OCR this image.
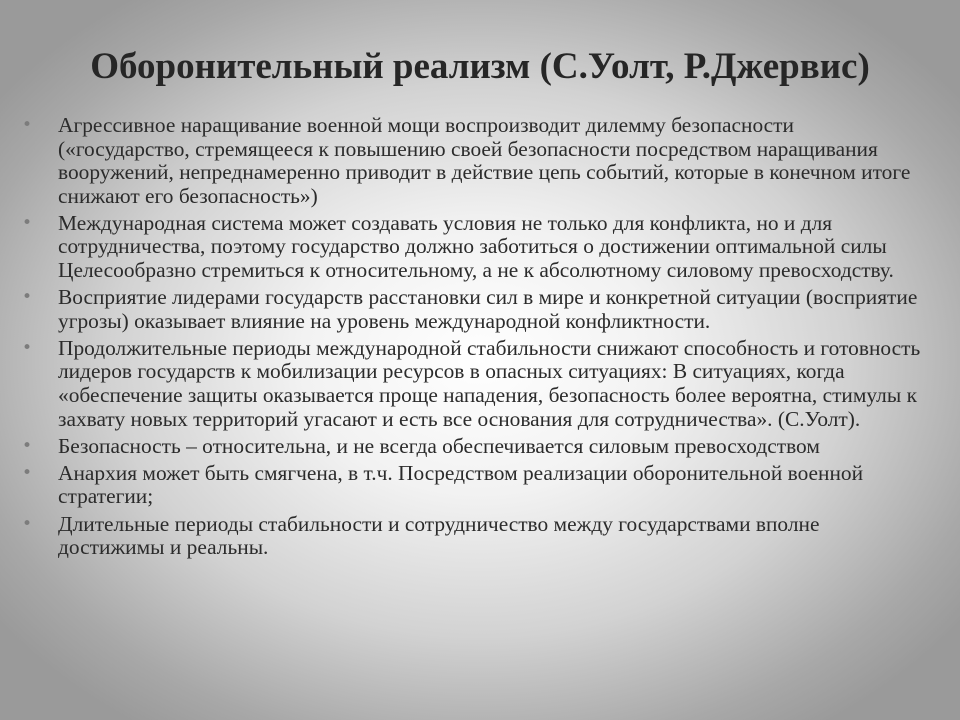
Оборонительный реализм (С.Уолт, Р.Джервис)
• Агрессивное наращивание военной мощи воспроизводит дилемму безопасности («государство, стремящееся к повышению своей безопасности посредством наращивания вооружений, непреднамеренно приводит в действие цепь событий, которые в конечном итоге снижают его безопасность»)
• Международная система может создавать условия не только для конфликта, но и для сотрудничества, поэтому государство должно заботиться о достижении оптимальной силы Целесообразно стремиться к относительному, а не к абсолютному силовому превосходству.
• Восприятие лидерами государств расстановки сил в мире и конкретной ситуации (восприятие угрозы) оказывает влияние на уровень международной конфликтности.
• Продолжительные периоды международной стабильности снижают способность и готовность лидеров государств к мобилизации ресурсов в опасных ситуациях: В ситуациях, когда «обеспечение защиты оказывается проще нападения, безопасность более вероятна, стимулы к захвату новых территорий угасают и есть все основания для сотрудничества». (С.Уолт).
• Безопасность – относительна, и не всегда обеспечивается силовым превосходством
• Анархия может быть смягчена, в т.ч. Посредством реализации оборонительной военной стратегии;
• Длительные периоды стабильности и сотрудничество между государствами вполне достижимы и реальны.
